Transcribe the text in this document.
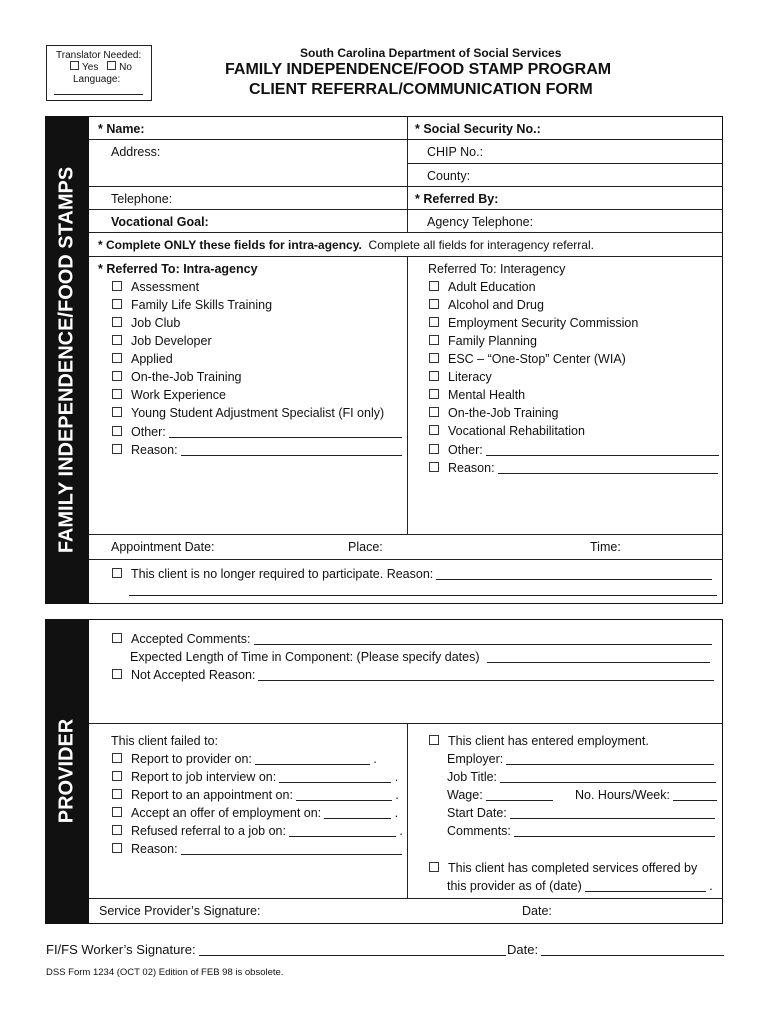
Translator Needed:
Yes No
Language:
South Carolina Department of Social Services
FAMILY INDEPENDENCE/FOOD STAMP PROGRAM
CLIENT REFERRAL/COMMUNICATION FORM
FAMILY INDEPENDENCE/FOOD STAMPS
* Name:	* Social Security No.:
Address:	CHIP No.:
County:
Telephone:	* Referred By:
Vocational Goal:	Agency Telephone:
* Complete ONLY these fields for intra-agency. Complete all fields for interagency referral.
* Referred To: Intra-agency
Assessment
Family Life Skills Training
Job Club
Job Developer
Applied
On-the-Job Training
Work Experience
Young Student Adjustment Specialist (FI only)
Other:
Reason:
Referred To: Interagency
Adult Education
Alcohol and Drug
Employment Security Commission
Family Planning
ESC – “One-Stop” Center (WIA)
Literacy
Mental Health
On-the-Job Training
Vocational Rehabilitation
Other:
Reason:
Appointment Date:	Place:	Time:
This client is no longer required to participate. Reason:
PROVIDER
Accepted Comments:
Expected Length of Time in Component: (Please specify dates)
Not Accepted Reason:
This client failed to:
Report to provider on:	.
Report to job interview on:	.
Report to an appointment on:	.
Accept an offer of employment on:	.
Refused referral to a job on:	.
Reason:
This client has entered employment.
Employer:
Job Title:
Wage:	No. Hours/Week:
Start Date:
Comments:
This client has completed services offered by
this provider as of (date)	.
Service Provider’s Signature:	Date:
FI/FS Worker’s Signature:	Date:
DSS Form 1234 (OCT 02) Edition of FEB 98 is obsolete.
